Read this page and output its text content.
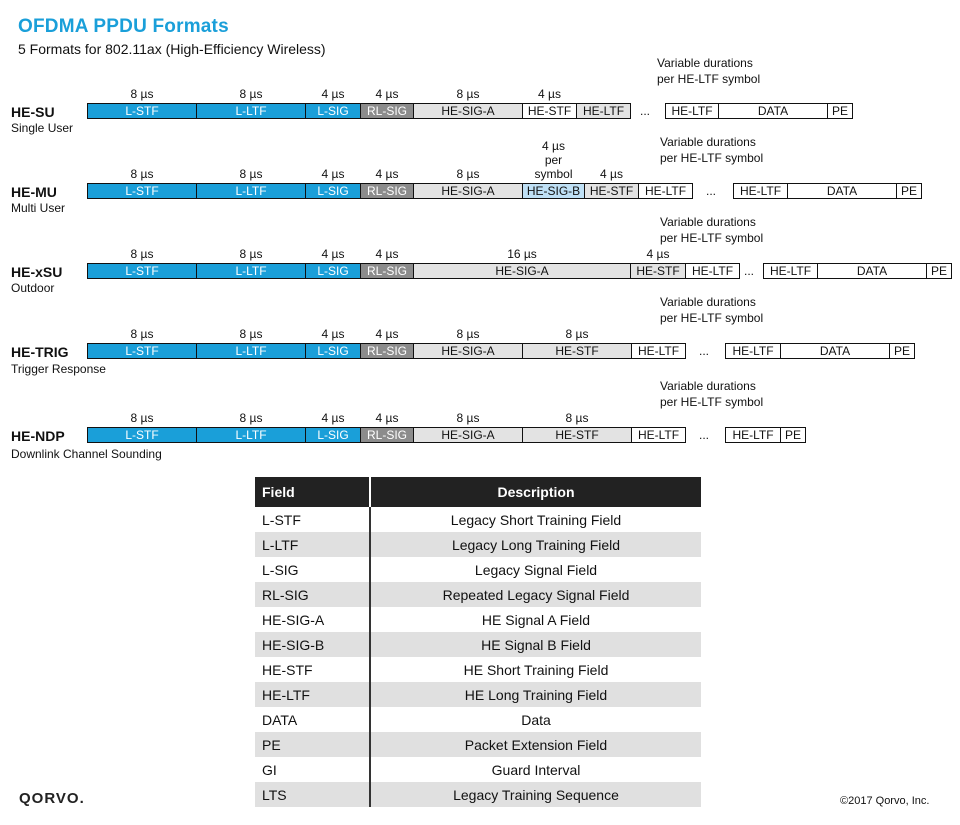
OFDMA PPDU Formats
5 Formats for 802.11ax (High-Efficiency Wireless)
HE-SU
Single User
Variable durations
per HE-LTF symbol
8 µs	8 µs	4 µs	4 µs	8 µs	4 µs
L-STF	L-LTF	L-SIG	RL-SIG	HE-SIG-A	HE-STF HE-LTF	HE-LTF	DATA	PE
...
HE-MU
Multi User
Variable durations
per HE-LTF symbol
8 µs	8 µs	4 µs	4 µs	8 µs
4 µs
per
symbol	4 µs
L-STF	L-LTF	L-SIG	RL-SIG	HE-SIG-A	HE-SIG-B HE-STF HE-LTF	HE-LTF	DATA	PE
...
HE-xSU
Outdoor
Variable durations
per HE-LTF symbol
8 µs	8 µs	4 µs	4 µs	16 µs	4 µs
L-STF	L-LTF	L-SIG	RL-SIG	HE-SIG-A	HE-STF	HE-LTF	HE-LTF	DATA	PE
...
HE-TRIG
Trigger Response
Variable durations
per HE-LTF symbol
8 µs	8 µs	4 µs	4 µs	8 µs	8 µs
L-STF	L-LTF	L-SIG	RL-SIG	HE-SIG-A	HE-STF	HE-LTF	HE-LTF	DATA	PE
...
HE-NDP
Downlink Channel Sounding
Variable durations
per HE-LTF symbol
8 µs	8 µs	4 µs	4 µs	8 µs	8 µs
L-STF	L-LTF	L-SIG	RL-SIG	HE-SIG-A	HE-STF	HE-LTF	HE-LTF PE
...
Field	Description
L-STF	Legacy Short Training Field
L-LTF	Legacy Long Training Field
L-SIG	Legacy Signal Field
RL-SIG	Repeated Legacy Signal Field
HE-SIG-A	HE Signal A Field
HE-SIG-B	HE Signal B Field
HE-STF	HE Short Training Field
HE-LTF	HE Long Training Field
DATA	Data
PE	Packet Extension Field
GI	Guard Interval
LTS	Legacy Training Sequence
QORVO.	©2017 Qorvo, Inc.
